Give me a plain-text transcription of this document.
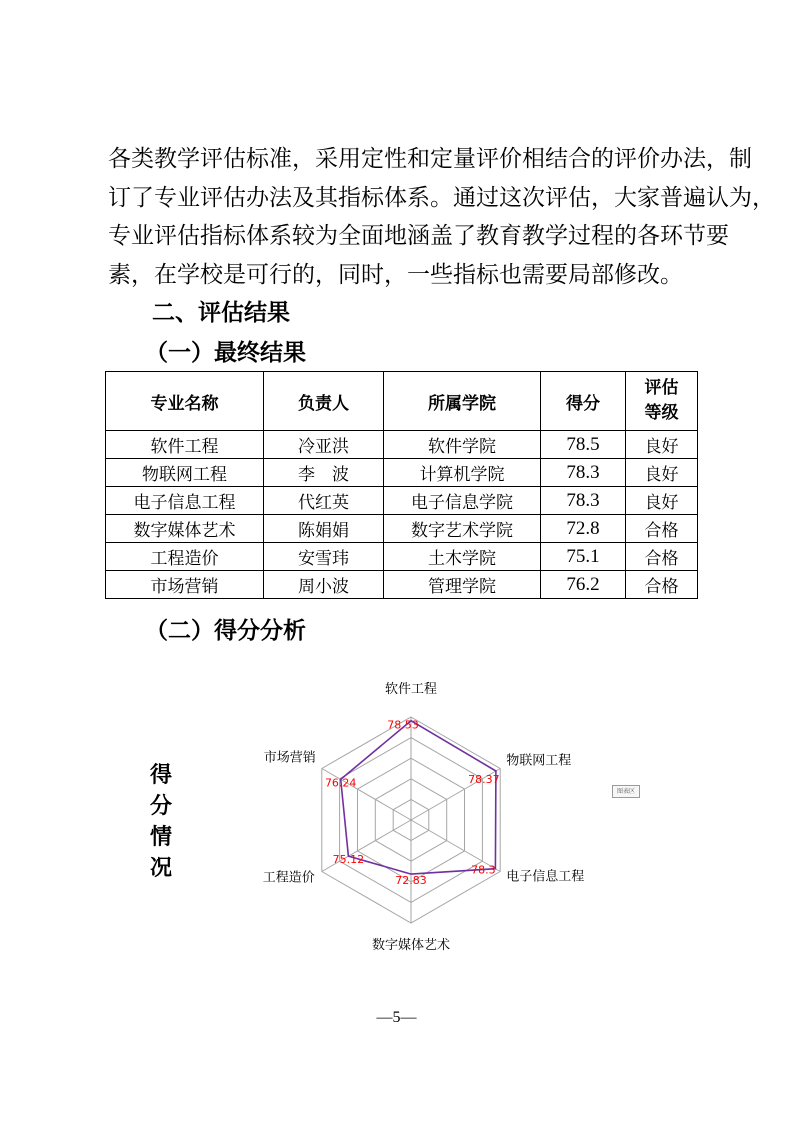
各类教学评估标准，采用定性和定量评价相结合的评价办法，制
订了专业评估办法及其指标体系。通过这次评估，大家普遍认为，
专业评估指标体系较为全面地涵盖了教育教学过程的各环节要
素，在学校是可行的，同时，一些指标也需要局部修改。

二、评估结果
（一）最终结果
专业名称	负责人	所属学院	得分	评估
等级
软件工程	冷亚洪	软件学院	78.5	良好
物联网工程	李　波	计算机学院	78.3	良好
电子信息工程	代红英	电子信息学院	78.3	良好
数字媒体艺术	陈娟娟	数字艺术学院	72.8	合格
工程造价	安雪玮	土木学院	75.1	合格
市场营销	周小波	管理学院	76.2	合格
（二）得分分析
得
分
情
况
软件工程
物联网工程
电子信息工程
数字媒体艺术
工程造价
市场营销
78.53
78.37
78.3
72.83
75.12
76.24
图表区
—5—
